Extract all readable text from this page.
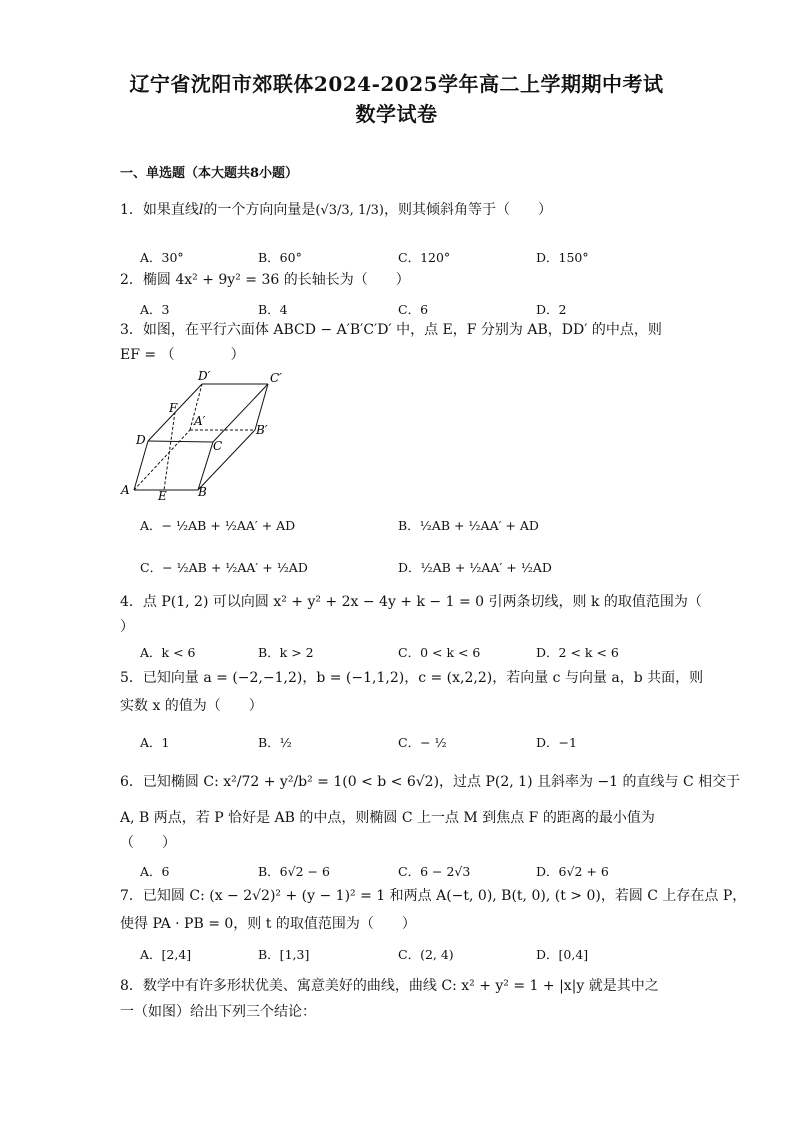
辽宁省沈阳市郊联体2024-2025学年高二上学期期中考试
数学试卷
一、单选题（本大题共8小题）
1．如果直线l的一个方向向量是(√3/3, 1/3)，则其倾斜角等于（　　）
A．30°	B．60°	C．120°	D．150°
2．椭圆 4x² + 9y² = 36 的长轴长为（　　）
A．3	B．4	C．6	D．2
3．如图，在平行六面体 ABCD − A′B′C′D′ 中，点 E，F 分别为 AB，DD′ 的中点，则
EF = （　　　　）
D′	C′
F
A′
B′
D	C
A E	B
A．− ½AB + ½AA′ + AD	B．½AB + ½AA′ + AD
C．− ½AB + ½AA′ + ½AD	D．½AB + ½AA′ + ½AD
4．点 P(1, 2) 可以向圆 x² + y² + 2x − 4y + k − 1 = 0 引两条切线，则 k 的取值范围为（
）
A．k < 6	B．k > 2	C．0 < k < 6	D．2 < k < 6
5．已知向量 a = (−2,−1,2)，b = (−1,1,2)，c = (x,2,2)，若向量 c 与向量 a，b 共面，则
实数 x 的值为（　　）
A．1	B．½	C．− ½	D．−1
6．已知椭圆 C: x²/72 + y²/b² = 1(0 < b < 6√2)，过点 P(2, 1) 且斜率为 −1 的直线与 C 相交于
A, B 两点，若 P 恰好是 AB 的中点，则椭圆 C 上一点 M 到焦点 F 的距离的最小值为
（　　）
A．6	B．6√2 − 6	C．6 − 2√3	D．6√2 + 6
7．已知圆 C: (x − 2√2)² + (y − 1)² = 1 和两点 A(−t, 0), B(t, 0), (t > 0)，若圆 C 上存在点 P，
使得 PA · PB = 0，则 t 的取值范围为（　　）
A．[2,4]	B．[1,3]	C．(2, 4)	D．[0,4]
8．数学中有许多形状优美、寓意美好的曲线，曲线 C: x² + y² = 1 + |x|y 就是其中之
一（如图）给出下列三个结论：
